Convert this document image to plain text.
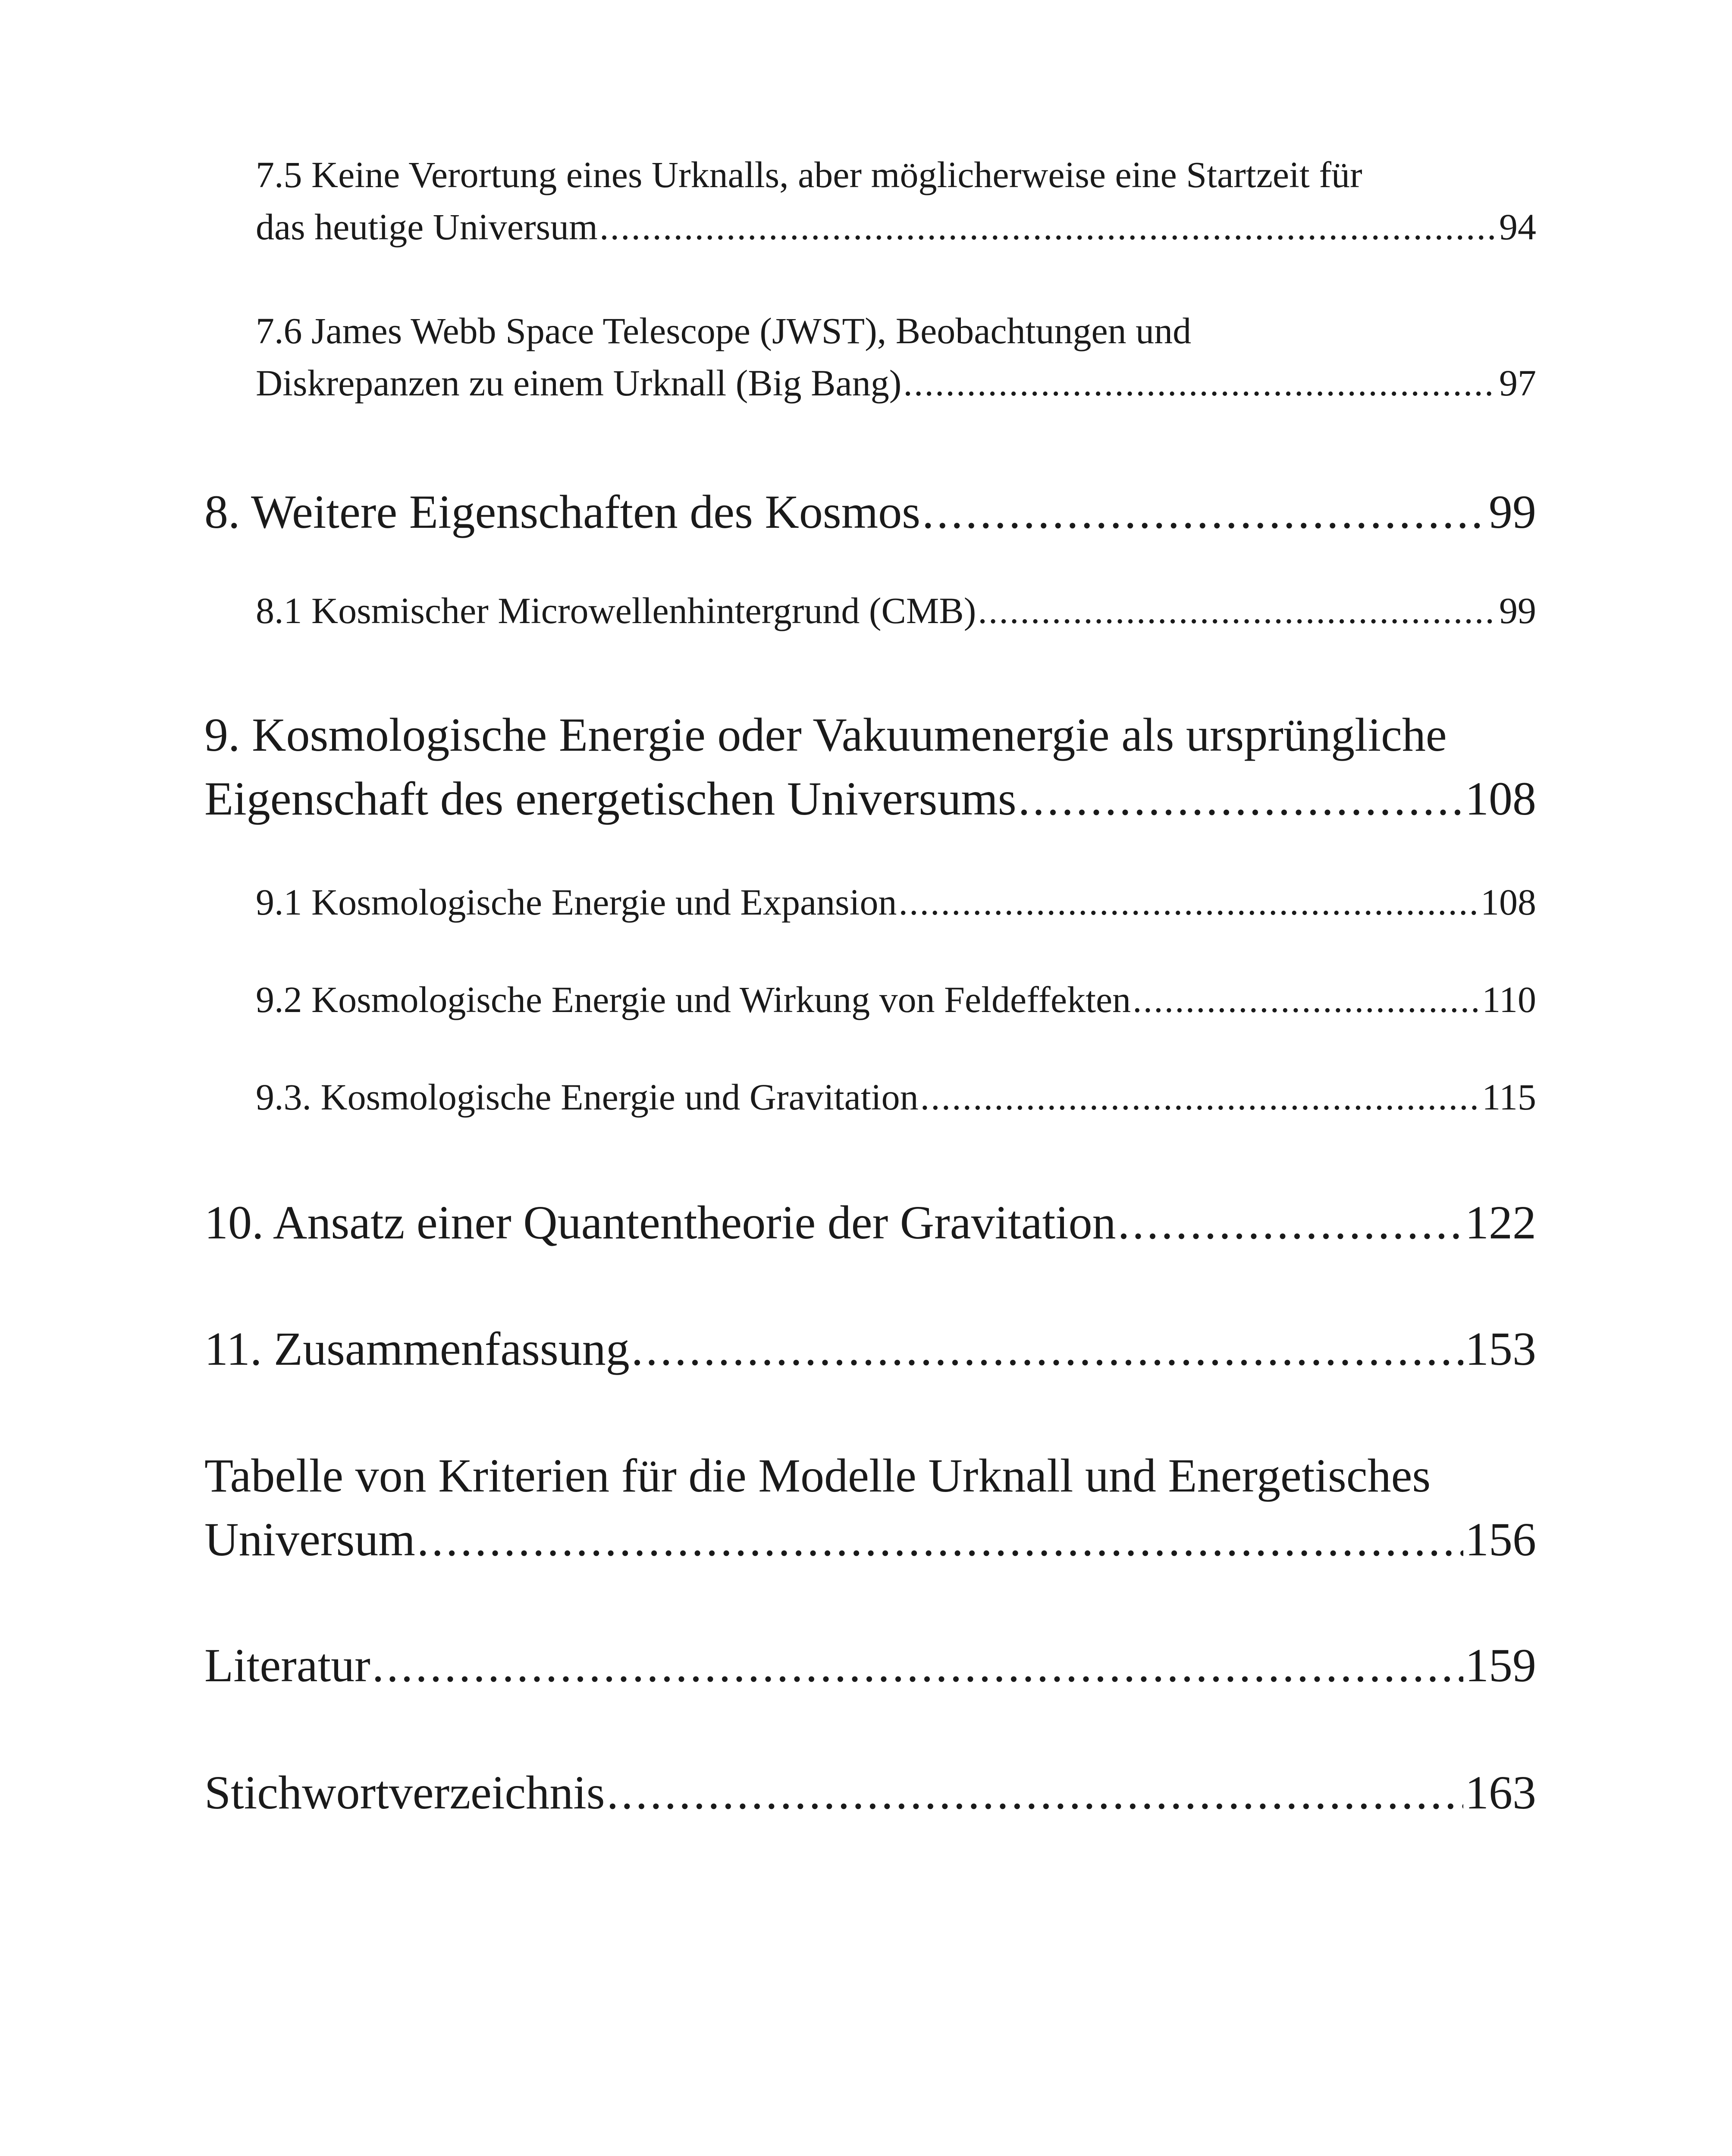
7.5 Keine Verortung eines Urknalls, aber möglicherweise eine Startzeit für
das heutige Universum .....	94
7.6 James Webb Space Telescope (JWST), Beobachtungen und
Diskrepanzen zu einem Urknall (Big Bang) .....	97
8. Weitere Eigenschaften des Kosmos .....	99
8.1 Kosmischer Microwellenhintergrund (CMB) .....	99
9. Kosmologische Energie oder Vakuumenergie als ursprüngliche
Eigenschaft des energetischen Universums .....	108
9.1 Kosmologische Energie und Expansion .....	108
9.2 Kosmologische Energie und Wirkung von Feldeffekten .....	110
9.3. Kosmologische Energie und Gravitation .....	115
10. Ansatz einer Quantentheorie der Gravitation .....	122
11. Zusammenfassung .....	153
Tabelle von Kriterien für die Modelle Urknall und Energetisches
Universum .....	156
Literatur .....	159
Stichwortverzeichnis .....	163
